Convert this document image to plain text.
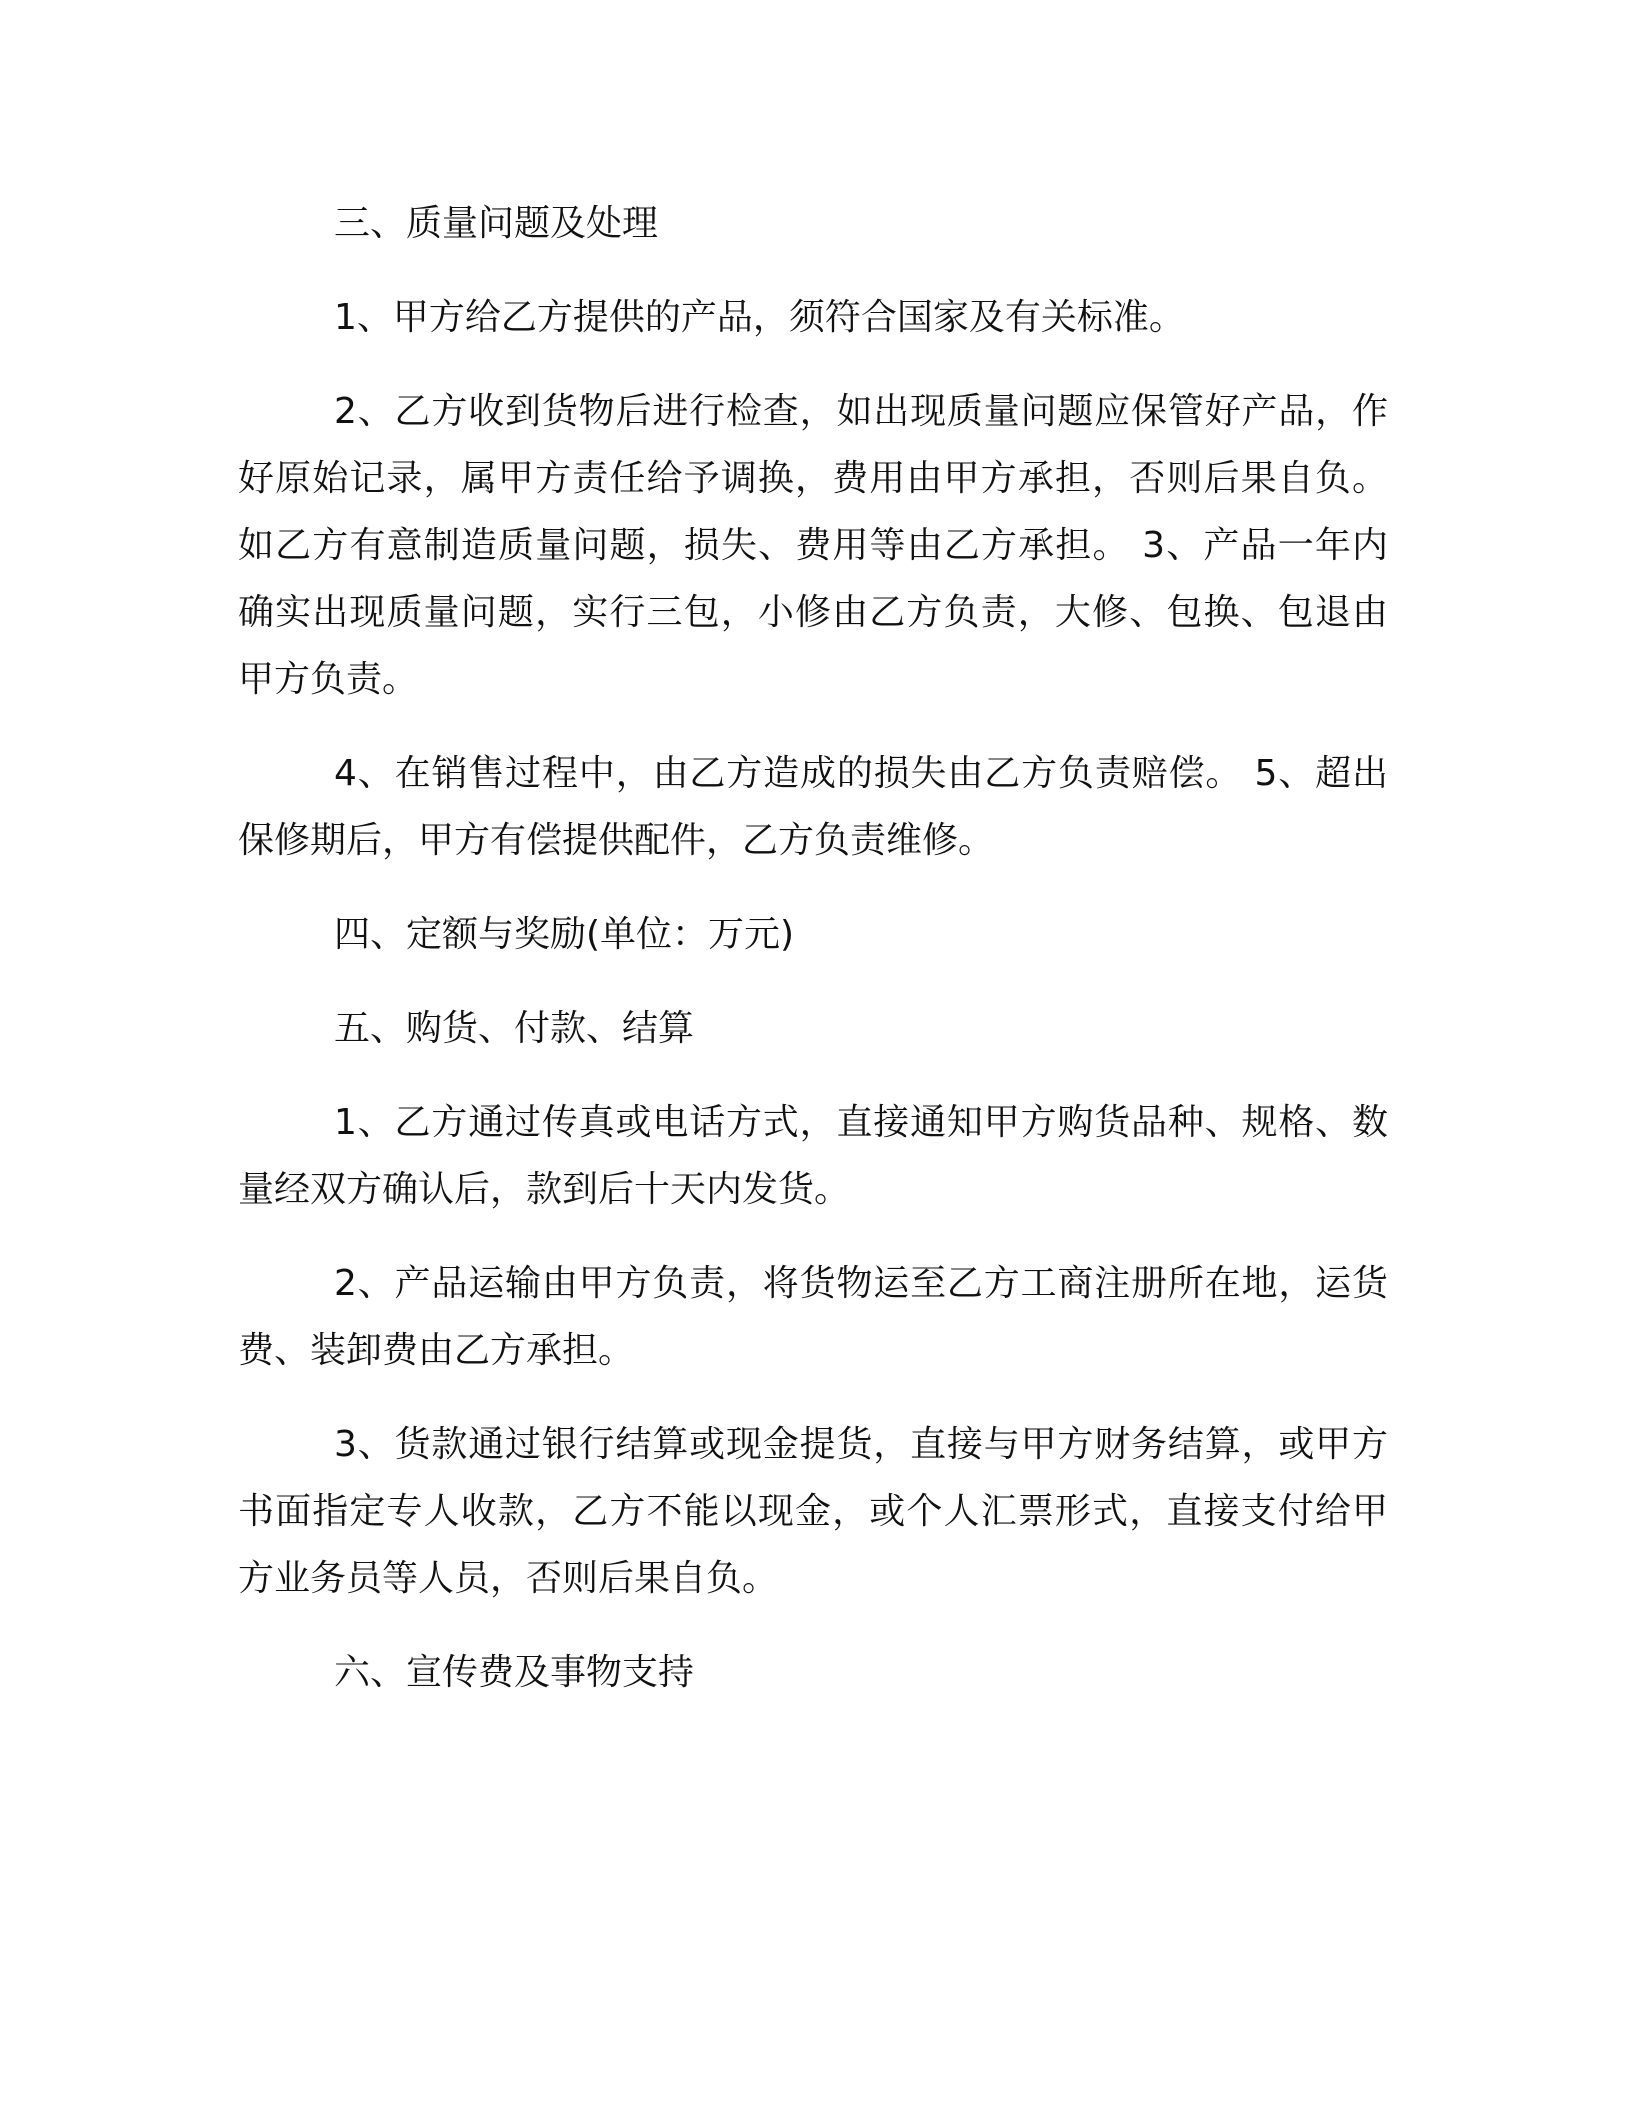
三、质量问题及处理

1、甲方给乙方提供的产品，须符合国家及有关标准。

2、乙方收到货物后进行检查，如出现质量问题应保管好产品，作好原始记录，属甲方责任给予调换，费用由甲方承担，否则后果自负。如乙方有意制造质量问题，损失、费用等由乙方承担。 3、产品一年内确实出现质量问题，实行三包，小修由乙方负责，大修、包换、包退由甲方负责。

4、在销售过程中，由乙方造成的损失由乙方负责赔偿。 5、超出保修期后，甲方有偿提供配件，乙方负责维修。

四、定额与奖励(单位：万元)

五、购货、付款、结算

1、乙方通过传真或电话方式，直接通知甲方购货品种、规格、数量经双方确认后，款到后十天内发货。

2、产品运输由甲方负责，将货物运至乙方工商注册所在地，运货费、装卸费由乙方承担。

3、货款通过银行结算或现金提货，直接与甲方财务结算，或甲方书面指定专人收款，乙方不能以现金，或个人汇票形式，直接支付给甲方业务员等人员，否则后果自负。

六、宣传费及事物支持
